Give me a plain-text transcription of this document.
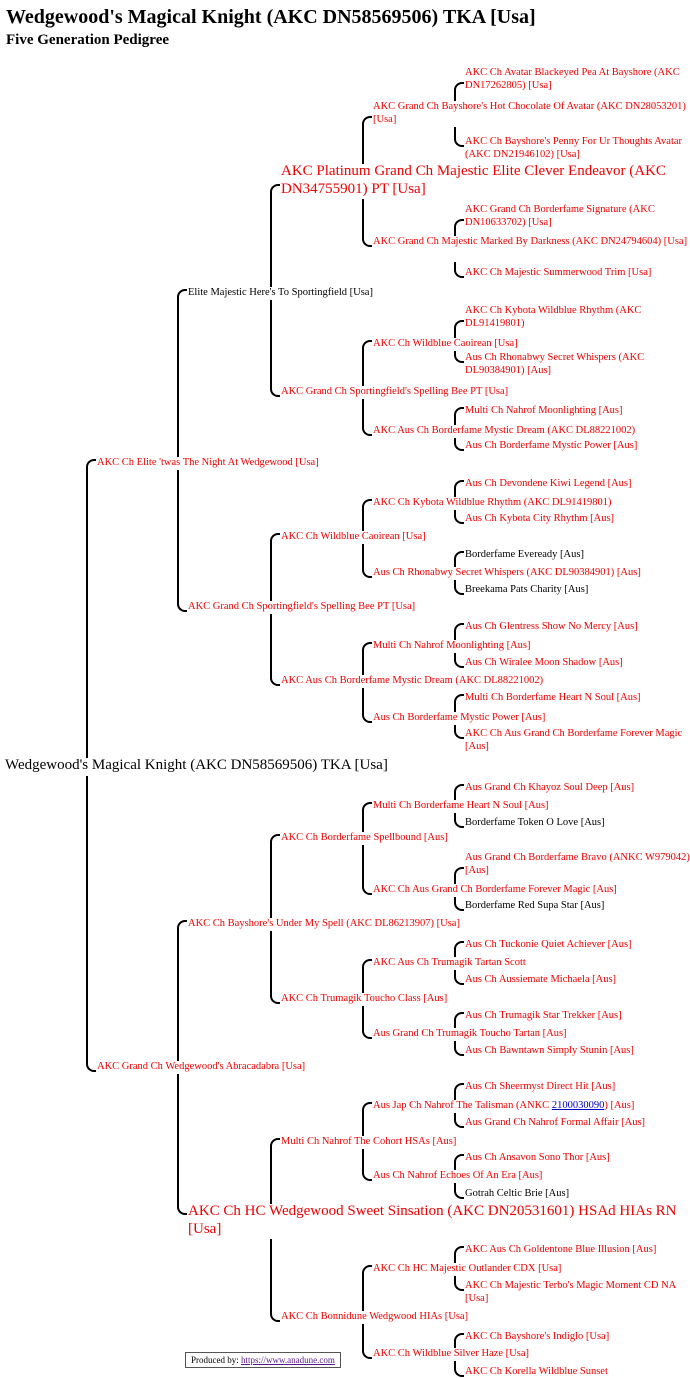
Wedgewood's Magical Knight (AKC DN58569506) TKA [Usa]
Five Generation Pedigree
Wedgewood's Magical Knight (AKC DN58569506) TKA [Usa]
AKC Ch Elite 'twas The Night At Wedgewood [Usa]
AKC Grand Ch Wedgewood's Abracadabra [Usa]
Elite Majestic Here's To Sportingfield [Usa]
AKC Grand Ch Sportingfield's Spelling Bee PT [Usa]
AKC Ch Bayshore's Under My Spell (AKC DL86213907) [Usa]
AKC Ch HC Wedgewood Sweet Sinsation (AKC DN20531601) HSAd HIAs RN [Usa]
AKC Platinum Grand Ch Majestic Elite Clever Endeavor (AKC DN34755901) PT [Usa]
AKC Grand Ch Sportingfield's Spelling Bee PT [Usa]
AKC Ch Wildblue Caoirean [Usa]
AKC Aus Ch Borderfame Mystic Dream (AKC DL88221002)
AKC Ch Borderfame Spellbound [Aus]
AKC Ch Trumagik Toucho Class [Aus]
Multi Ch Nahrof The Cohort HSAs [Aus]
AKC Ch Bonnidune Wedgwood HIAs [Usa]
AKC Grand Ch Bayshore's Hot Chocolate Of Avatar (AKC DN28053201) [Usa]
AKC Grand Ch Majestic Marked By Darkness (AKC DN24794604) [Usa]
AKC Ch Wildblue Caoirean [Usa]
AKC Aus Ch Borderfame Mystic Dream (AKC DL88221002)
AKC Ch Kybota Wildblue Rhythm (AKC DL91419801)
Aus Ch Rhonabwy Secret Whispers (AKC DL90384901) [Aus]
Multi Ch Nahrof Moonlighting [Aus]
Aus Ch Borderfame Mystic Power [Aus]
Multi Ch Borderfame Heart N Soul [Aus]
AKC Ch Aus Grand Ch Borderfame Forever Magic [Aus]
AKC Aus Ch Trumagik Tartan Scott
Aus Grand Ch Trumagik Toucho Tartan [Aus]
Aus Jap Ch Nahrof The Talisman (ANKC 2100030090) [Aus]
Aus Ch Nahrof Echoes Of An Era [Aus]
AKC Ch HC Majestic Outlander CDX [Usa]
AKC Ch Wildblue Silver Haze [Usa]
AKC Ch Avatar Blackeyed Pea At Bayshore (AKC DN17262805) [Usa]
AKC Ch Bayshore's Penny For Ur Thoughts Avatar (AKC DN21946102) [Usa]
AKC Grand Ch Borderfame Signature (AKC DN10633702) [Usa]
AKC Ch Majestic Summerwood Trim [Usa]
AKC Ch Kybota Wildblue Rhythm (AKC DL91419801)
Aus Ch Rhonabwy Secret Whispers (AKC DL90384901) [Aus]
Multi Ch Nahrof Moonlighting [Aus]
Aus Ch Borderfame Mystic Power [Aus]
Aus Ch Devondene Kiwi Legend [Aus]
Aus Ch Kybota City Rhythm [Aus]
Borderfame Eveready [Aus]
Breekama Pats Charity [Aus]
Aus Ch Glentress Show No Mercy [Aus]
Aus Ch Wiralee Moon Shadow [Aus]
Multi Ch Borderfame Heart N Soul [Aus]
AKC Ch Aus Grand Ch Borderfame Forever Magic [Aus]
Aus Grand Ch Khayoz Soul Deep [Aus]
Borderfame Token O Love [Aus]
Aus Grand Ch Borderfame Bravo (ANKC W979042) [Aus]
Borderfame Red Supa Star [Aus]
Aus Ch Tuckonie Quiet Achiever [Aus]
Aus Ch Aussiemate Michaela [Aus]
Aus Ch Trumagik Star Trekker [Aus]
Aus Ch Bawntawn Simply Stunin [Aus]
Aus Ch Sheermyst Direct Hit [Aus]
Aus Grand Ch Nahrof Formal Affair [Aus]
Aus Ch Ansavon Sono Thor [Aus]
Gotrah Celtic Brie [Aus]
AKC Aus Ch Goldentone Blue Illusion [Aus]
AKC Ch Majestic Terbo's Magic Moment CD NA [Usa]
AKC Ch Bayshore's Indiglo [Usa]
AKC Ch Korella Wildblue Sunset
Produced by: https://www.anadune.com
